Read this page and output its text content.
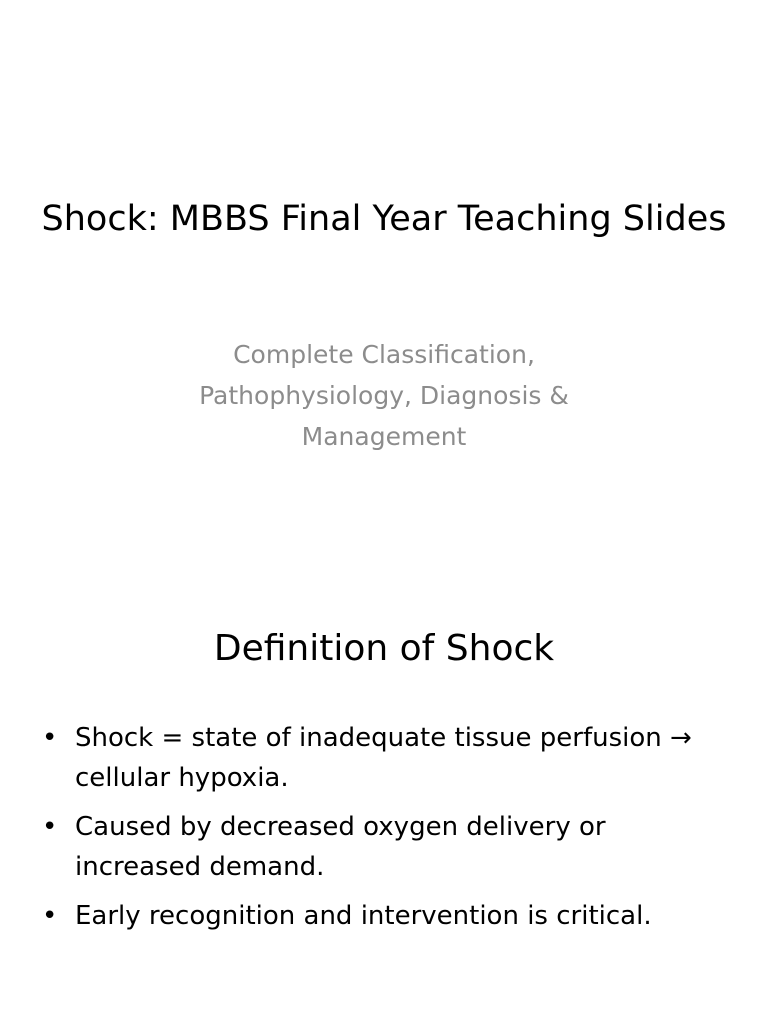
Shock: MBBS Final Year Teaching Slides

Complete Classification, Pathophysiology, Diagnosis & Management

Definition of Shock
• Shock = state of inadequate tissue perfusion → cellular hypoxia.
• Caused by decreased oxygen delivery or increased demand.
• Early recognition and intervention is critical.
